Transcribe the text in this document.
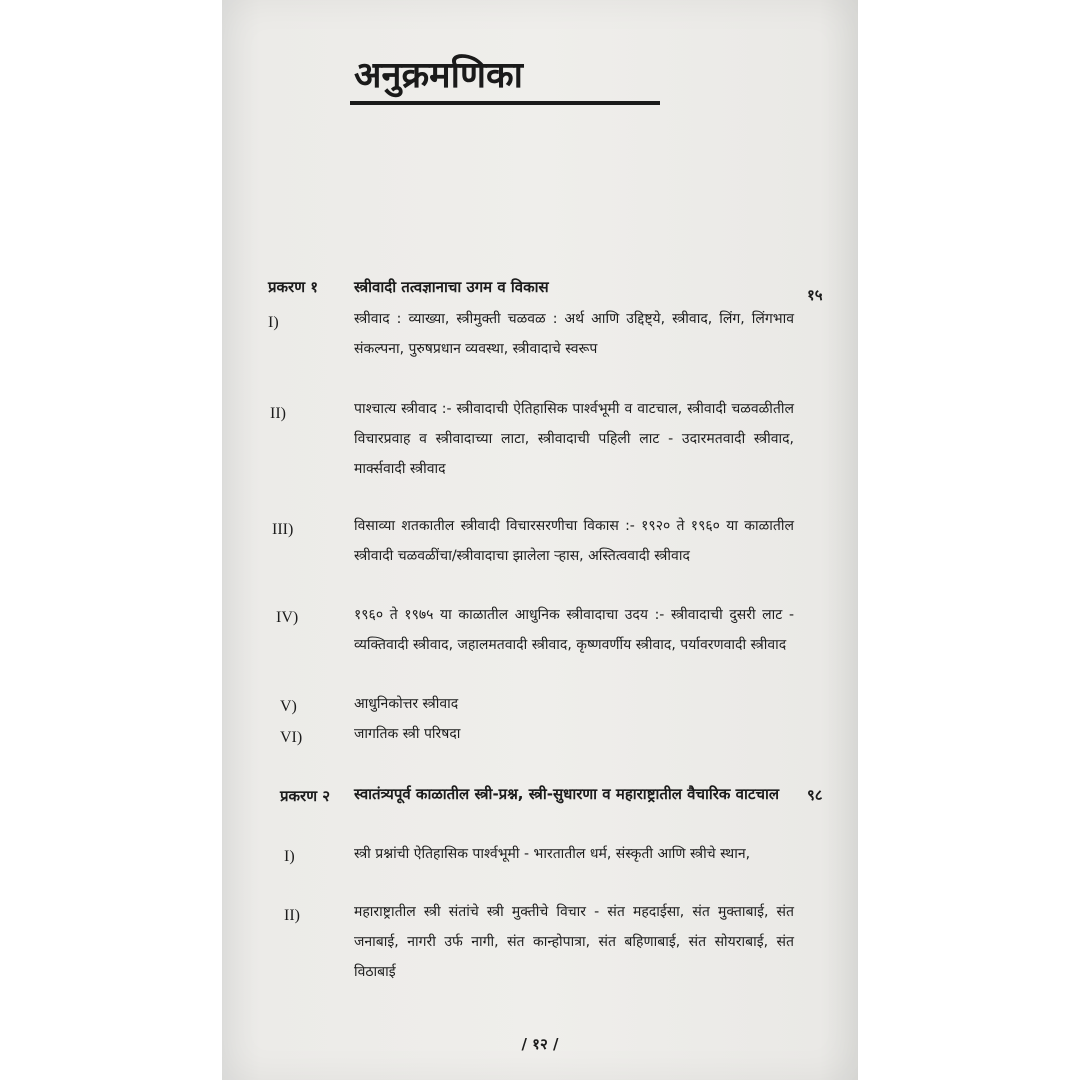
अनुक्रमणिका
प्रकरण १ स्त्रीवादी तत्वज्ञानाचा उगम व विकास	१५
I)	स्त्रीवाद : व्याख्या, स्त्रीमुक्ती चळवळ : अर्थ आणि उद्दिष्ट्ये, स्त्रीवाद, लिंग, लिंगभाव संकल्पना, पुरुषप्रधान व्यवस्था, स्त्रीवादाचे स्वरूप
II)	पाश्चात्य स्त्रीवाद :- स्त्रीवादाची ऐतिहासिक पार्श्वभूमी व वाटचाल, स्त्रीवादी चळवळीतील विचारप्रवाह व स्त्रीवादाच्या लाटा, स्त्रीवादाची पहिली लाट - उदारमतवादी स्त्रीवाद, मार्क्सवादी स्त्रीवाद
III)	विसाव्या शतकातील स्त्रीवादी विचारसरणीचा विकास :- १९२० ते १९६० या काळातील स्त्रीवादी चळवळींचा/स्त्रीवादाचा झालेला ऱ्हास, अस्तित्ववादी स्त्रीवाद
IV)	१९६० ते १९७५ या काळातील आधुनिक स्त्रीवादाचा उदय :- स्त्रीवादाची दुसरी लाट - व्यक्तिवादी स्त्रीवाद, जहालमतवादी स्त्रीवाद, कृष्णवर्णीय स्त्रीवाद, पर्यावरणवादी स्त्रीवाद
V)	आधुनिकोत्तर स्त्रीवाद
VI)	जागतिक स्त्री परिषदा
प्रकरण २ स्वातंत्र्यपूर्व काळातील स्त्री-प्रश्न, स्त्री-सुधारणा व महाराष्ट्रातील वैचारिक वाटचाल	९८
I)	स्त्री प्रश्नांची ऐतिहासिक पार्श्वभूमी - भारतातील धर्म, संस्कृती आणि स्त्रीचे स्थान,
II)	महाराष्ट्रातील स्त्री संतांचे स्त्री मुक्तीचे विचार - संत महदाईसा, संत मुक्ताबाई, संत जनाबाई, नागरी उर्फ नागी, संत कान्होपात्रा, संत बहिणाबाई, संत सोयराबाई, संत विठाबाई
/ १२ /
